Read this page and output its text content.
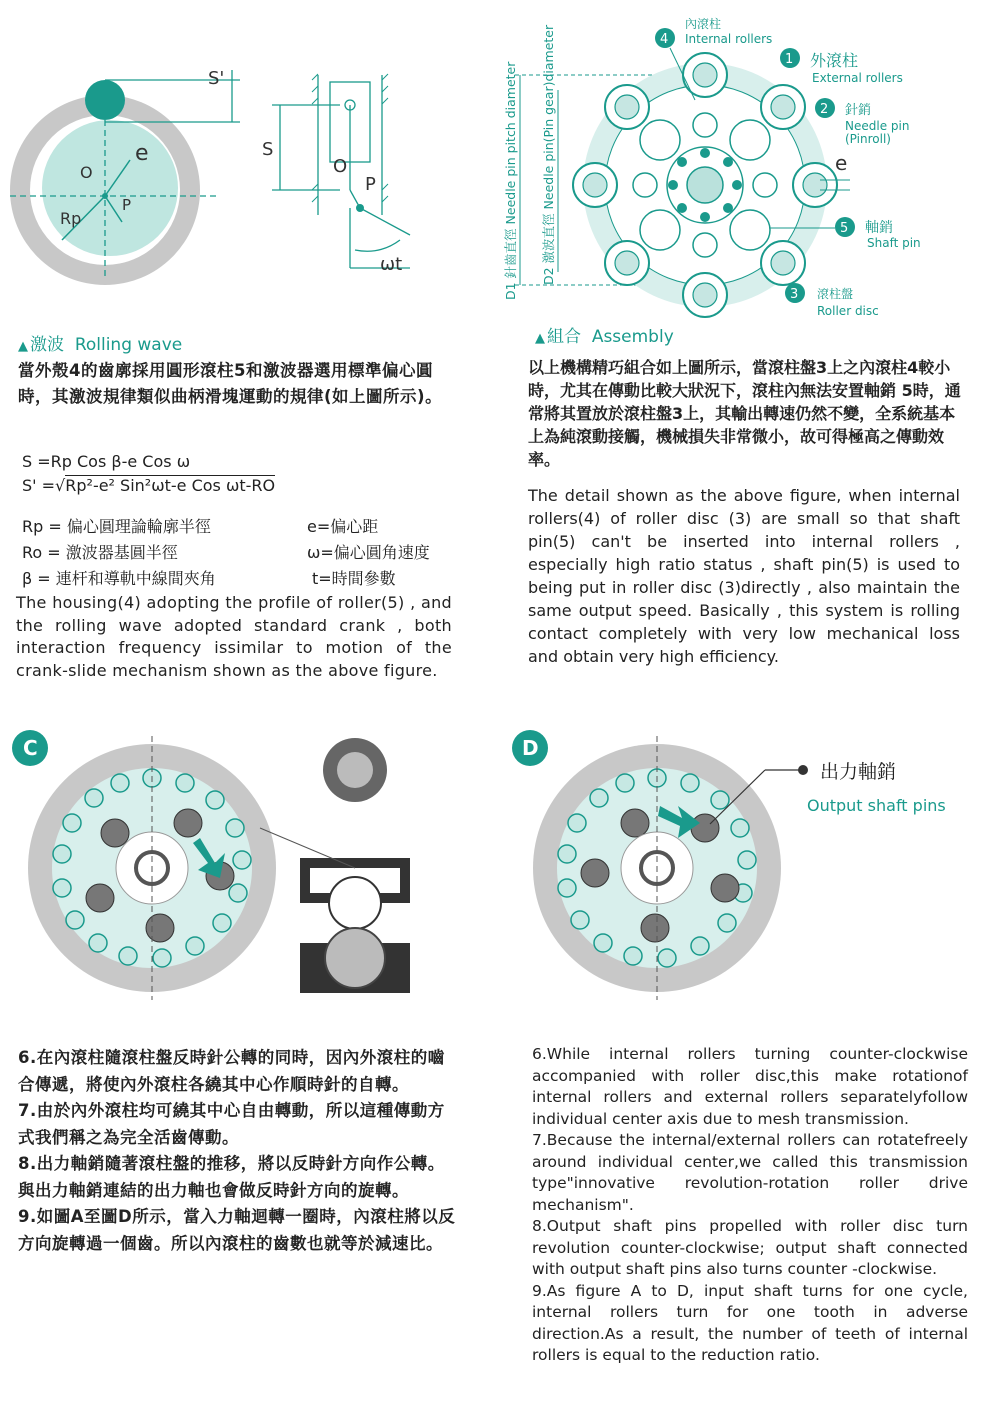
S'
O
e
P
Rp
S
O
P
ωt
▲ 激波 Rolling wave
當外殼4的齒廓採用圓形滾柱5和激波器選用標準偏心圓時，其激波規律類似曲柄滑塊運動的規律(如上圖所示)。
S =Rp Cos β-e Cos ω
S' =√Rp²-e² Sin²ωt-e Cos ωt-RO
Rp = 偏心圓理論輪廓半徑	e=偏心距
Ro = 激波器基圓半徑	ω=偏心圓角速度
β = 連杆和導軌中線間夾角	t=時間參數
The housing(4) adopting the profile of roller(5) , and the rolling wave adopted standard crank , both interaction frequency issimilar to motion of the crank-slide mechanism shown as the above figure.
D1 針齒直徑 Needle pin pitch diameter D2 激波直徑 Needle pin(Pin gear)diameter	4
內滾柱
Internal rollers
1 外滾柱
External rollers
2 針銷
Needle pin
(Pinroll)
e
5 軸銷
Shaft pin
3 滾柱盤
Roller disc
▲ 組合 Assembly
以上機構精巧組合如上圖所示，當滾柱盤3上之內滾柱4較小時，尤其在傳動比較大狀況下，滾柱內無法安置軸銷 5時，通常將其置放於滾柱盤3上，其輸出轉速仍然不變，全系統基本上為純滾動接觸，機械損失非常微小，故可得極高之傳動效率。
The detail shown as the above figure, when internal rollers(4) of roller disc (3) are small so that shaft pin(5) can't be inserted into internal rollers , especially high ratio status , shaft pin(5) is used to being put in roller disc (3)directly , also maintain the same output speed. Basically , this system is rolling contact completely with very low mechanical loss and obtain very high efficiency.
C	D
出力軸銷
Output shaft pins

6.在內滾柱隨滾柱盤反時針公轉的同時，因內外滾柱的嚙合傳遞，將使內外滾柱各繞其中心作順時針的自轉。

7.由於內外滾柱均可繞其中心自由轉動，所以這種傳動方式我們稱之為完全活齒傳動。

8.出力軸銷隨著滾柱盤的推移，將以反時針方向作公轉。與出力軸銷連結的出力軸也會做反時針方向的旋轉。

9.如圖A至圖D所示，當入力軸迴轉一圈時，內滾柱將以反方向旋轉過一個齒。所以內滾柱的齒數也就等於減速比。

6.While internal rollers turning counter-clockwise accompanied with roller disc,this make rotationof internal rollers and external rollers separatelyfollow individual center axis due to mesh transmission.

7.Because the internal/external rollers can rotatefreely around individual center,we called this transmission type"innovative revolution-rotation roller drive mechanism".

8.Output shaft pins propelled with roller disc turn revolution counter-clockwise; output shaft connected with output shaft pins also turns counter -clockwise.

9.As figure A to D, input shaft turns for one cycle, internal rollers turn for one tooth in adverse direction.As a result, the number of teeth of internal rollers is equal to the reduction ratio.
